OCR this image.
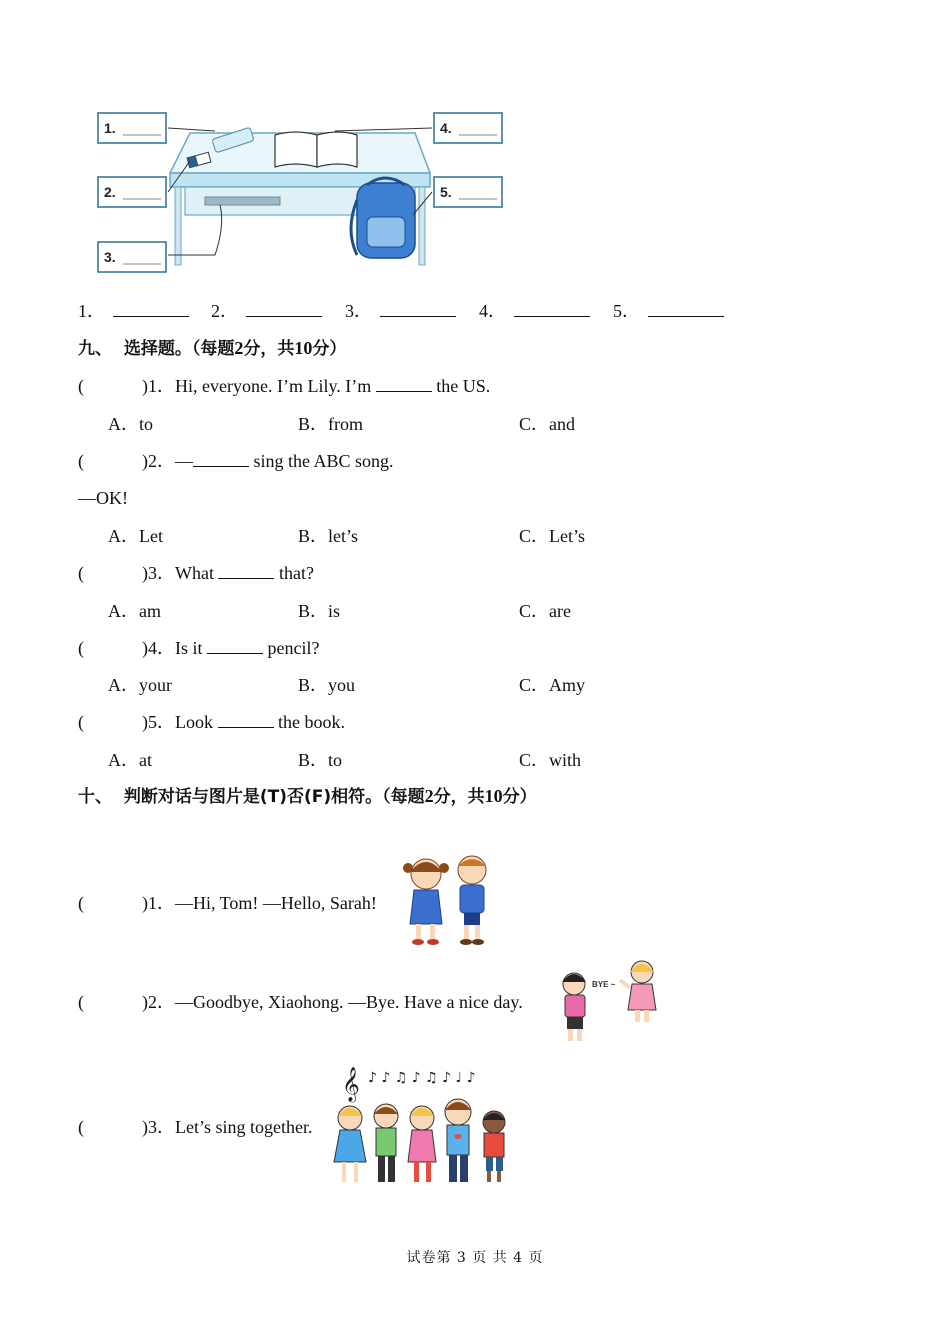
1.
2.
3.
4.
5.
1．	2．	3．	4．	5．
九、 选择题。（每题2分，共10分）
(	)1．Hi, everyone. I’m Lily. I’m	the US.
A．to	B．from	C．and
(	)2．—	sing the ABC song.
—OK!
A．Let	B．let’s	C．Let’s
(	)3．What	that?
A．am	B．is	C．are
(	)4．Is it	pencil?
A．your	B．you	C．Amy
(	)5．Look	the book.
A．at	B．to	C．with
十、 判断对话与图片是(T)否(F)相符。（每题2分，共10分）
(	)1．—Hi, Tom! —Hello, Sarah!
(	)2．—Goodbye, Xiaohong. —Bye. Have a nice day.
BYE ~
(	)3．Let’s sing together.
𝄞 ♪ ♪ ♫ ♪ ♫ ♪ ♩ ♪
试卷第 3 页 共 4 页
